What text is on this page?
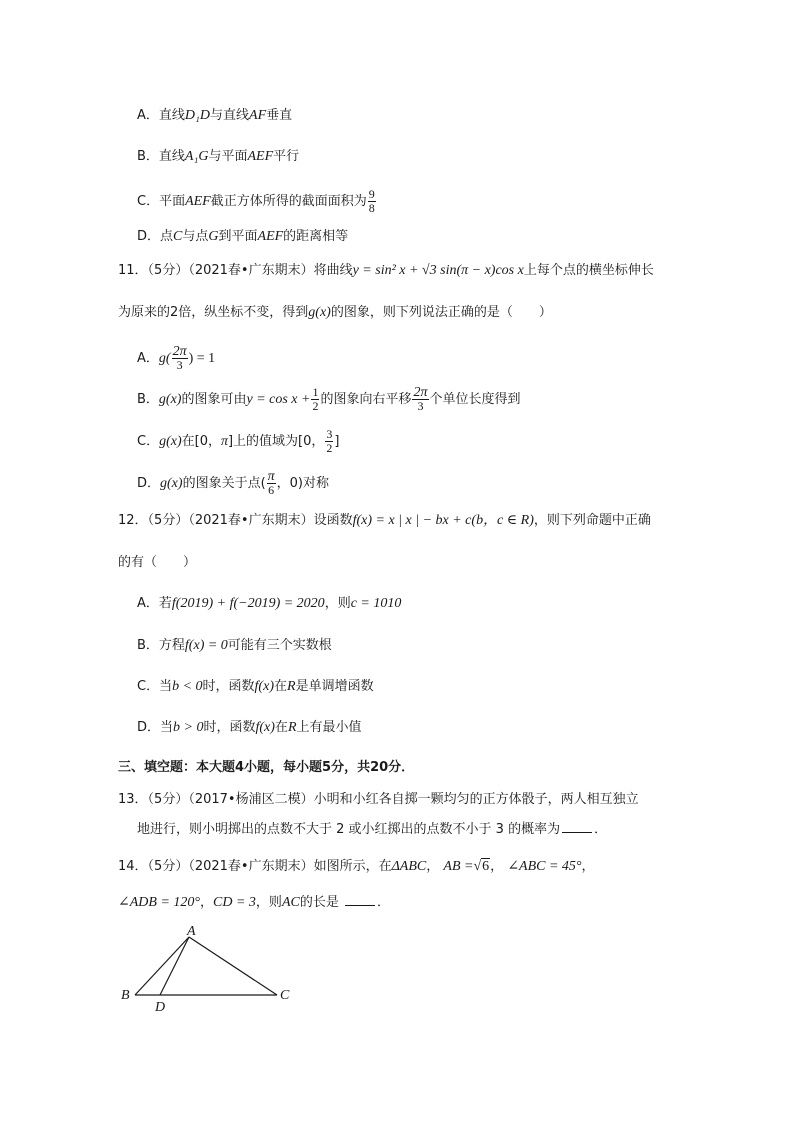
A．直线D₁D与直线AF垂直
B．直线A₁G与平面AEF平行
C．平面AEF截正方体所得的截面面积为 $\frac{9}{8}$
D．点C与点G到平面AEF的距离相等
11．（5分）（2021春•广东期末）将曲线y = sin² x + √3 sin(π − x)cos x上每个点的横坐标伸长
为原来的2倍，纵坐标不变，得到g(x)的图象，则下列说法正确的是（　　）
A．$g( \frac{2\pi}{3}$ ) = 1
B．g(x)的图象可由$y = \cos x + \frac{1}{2}$ 的图象向右平移 $\frac{2\pi}{3}$ 个单位长度得到
C．g(x)在[0，π]上的值域为[0， $\frac{3}{2}$ ]
D．g(x)的图象关于点( $\frac{\pi}{6}$ ，0)对称
12．（5分）（2021春•广东期末）设函数f(x) = x | x | − bx + c(b，c ∈ R)，则下列命题中正确
的有（　　）
A．若f(2019) + f(−2019) = 2020，则c = 1010
B．方程f(x) = 0可能有三个实数根
C．当b < 0时，函数f(x)在R是单调增函数
D．当b > 0时，函数f(x)在R上有最小值
三、填空题：本大题4小题，每小题5分，共20分．
13．（5分）（2017•杨浦区二模）小明和小红各自掷一颗均匀的正方体骰子，两人相互独立
地进行，则小明掷出的点数不大于 2 或小红掷出的点数不小于 3 的概率为	．
14．（5分）（2021春•广东期末）如图所示，在ΔABC， AB =√6， ∠ABC = 45°，
∠ADB = 120°，CD = 3，则AC的长是	．
A
B	C
D
